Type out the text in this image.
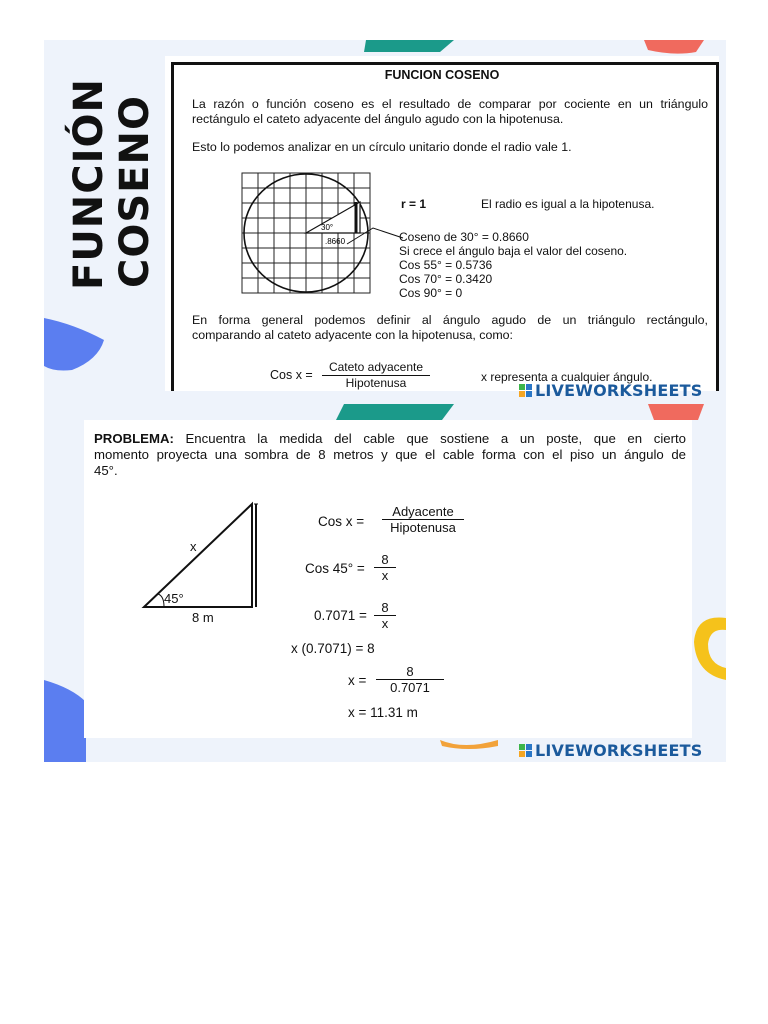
FUNCIÓN COSENO
FUNCION COSENO
La razón o función coseno es el resultado de comparar por cociente en un triángulo
rectángulo el cateto adyacente del ángulo agudo con la hipotenusa.
Esto lo podemos analizar en un círculo unitario donde el radio vale 1.
30°
.8660
r = 1	El radio es igual a la hipotenusa.
Coseno de 30° = 0.8660
Si crece el ángulo baja el valor del coseno.
Cos 55° = 0.5736
Cos 70° = 0.3420
Cos 90° = 0
En forma general podemos definir al ángulo agudo de un triángulo rectángulo,
comparando al cateto adyacente con la hipotenusa, como:
Cos x =
Cateto adyacente
Hipotenusa	x representa a cualquier ángulo.
LIVEWORKSHEETS
PROBLEMA: Encuentra la medida del cable que sostiene a un poste, que en cierto
momento proyecta una sombra de 8 metros y que el cable forma con el piso un ángulo de
45°.
x
45°
8 m
Cos x =
Adyacente
Hipotenusa
Cos $45^\circ = \frac{8}{x}$
$0.7071 = \frac{8}{x}$
x (0.7071) = 8
$x = \frac{8}{0.7071}$
x = 11.31 m
LIVEWORKSHEETS
